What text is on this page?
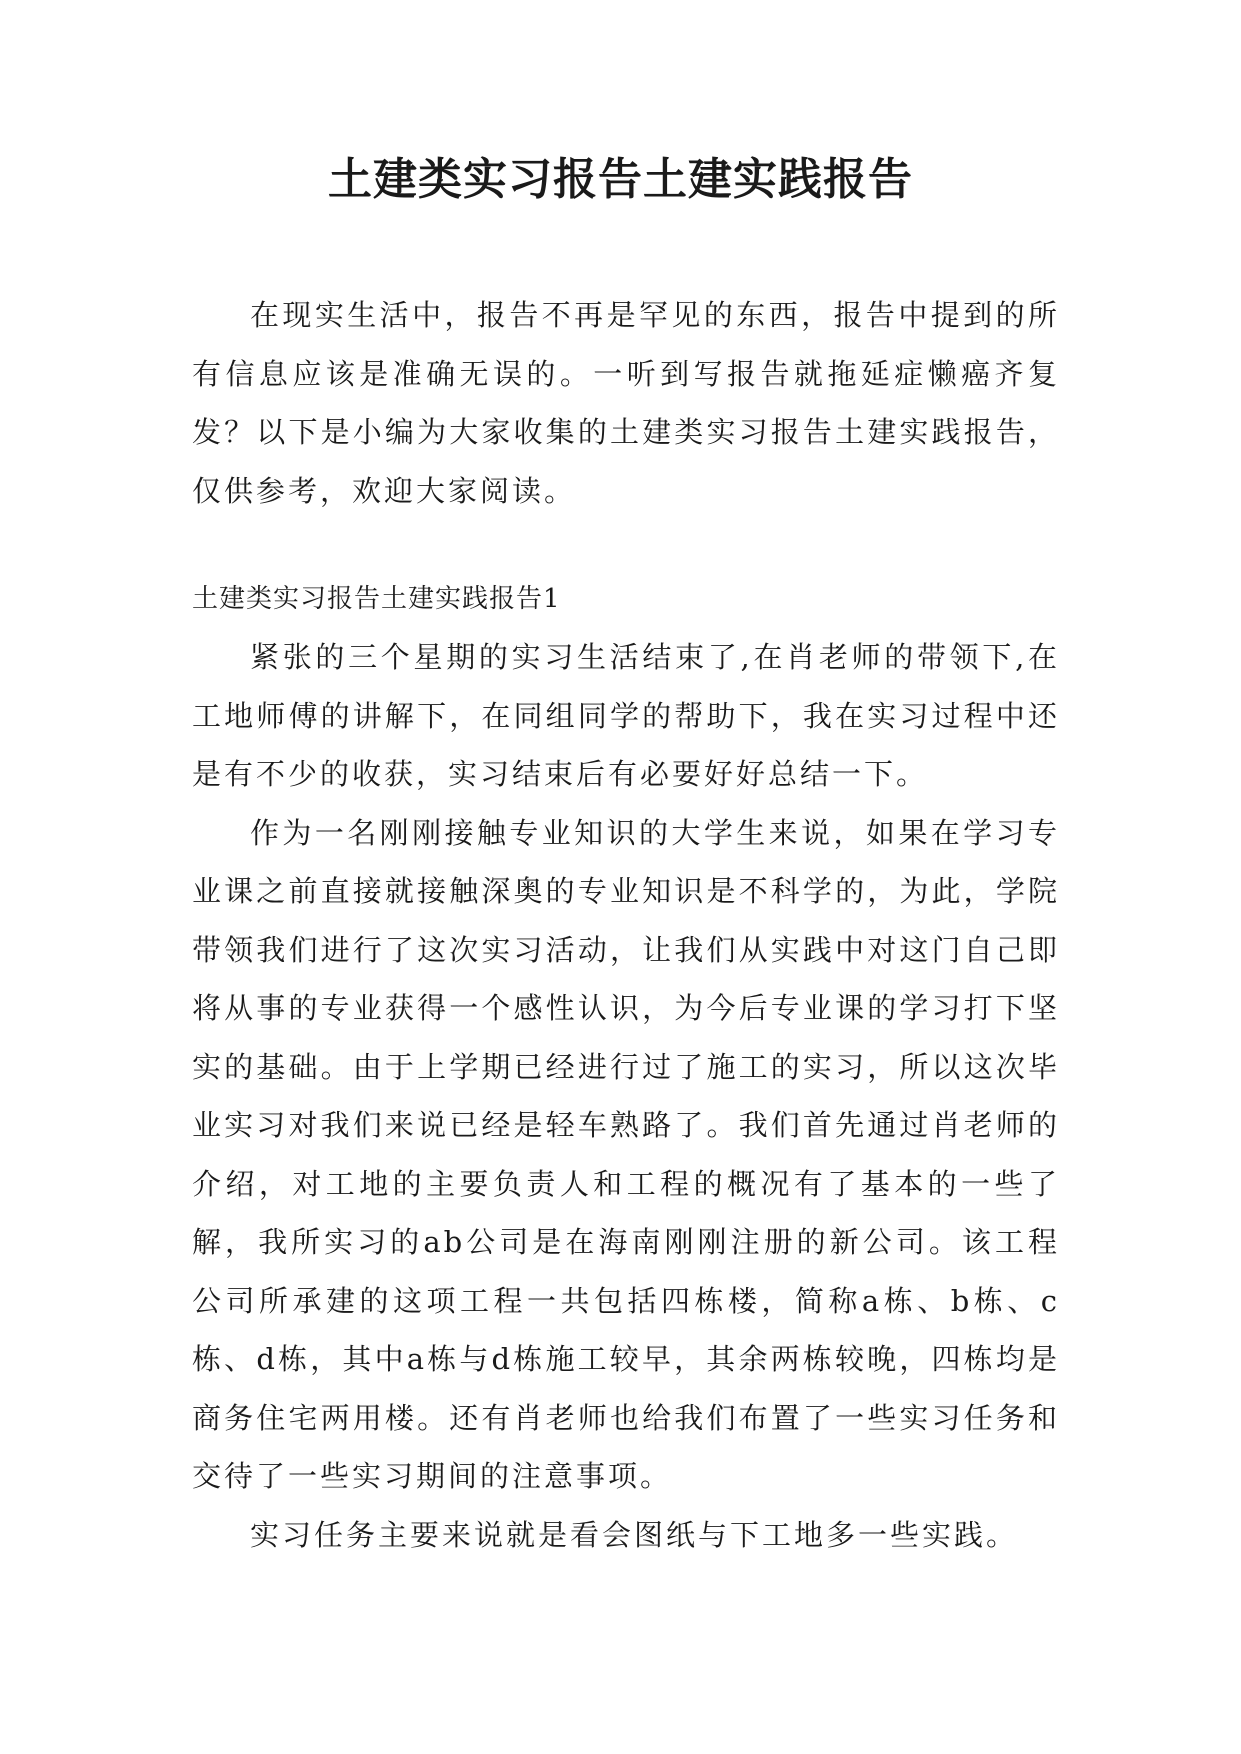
土建类实习报告土建实践报告

在现实生活中，报告不再是罕见的东西，报告中提到的所有信息应该是准确无误的。一听到写报告就拖延症懒癌齐复发？以下是小编为大家收集的土建类实习报告土建实践报告，仅供参考，欢迎大家阅读。

土建类实习报告土建实践报告1

紧张的三个星期的实习生活结束了,在肖老师的带领下,在工地师傅的讲解下，在同组同学的帮助下，我在实习过程中还是有不少的收获，实习结束后有必要好好总结一下。

作为一名刚刚接触专业知识的大学生来说，如果在学习专业课之前直接就接触深奥的专业知识是不科学的，为此，学院带领我们进行了这次实习活动，让我们从实践中对这门自己即将从事的专业获得一个感性认识，为今后专业课的学习打下坚实的基础。由于上学期已经进行过了施工的实习，所以这次毕业实习对我们来说已经是轻车熟路了。我们首先通过肖老师的介绍，对工地的主要负责人和工程的概况有了基本的一些了解，我所实习的ab公司是在海南刚刚注册的新公司。该工程公司所承建的这项工程一共包括四栋楼，简称a栋、b栋、c栋、d栋，其中a栋与d栋施工较早，其余两栋较晚，四栋均是商务住宅两用楼。还有肖老师也给我们布置了一些实习任务和交待了一些实习期间的注意事项。

实习任务主要来说就是看会图纸与下工地多一些实践。
